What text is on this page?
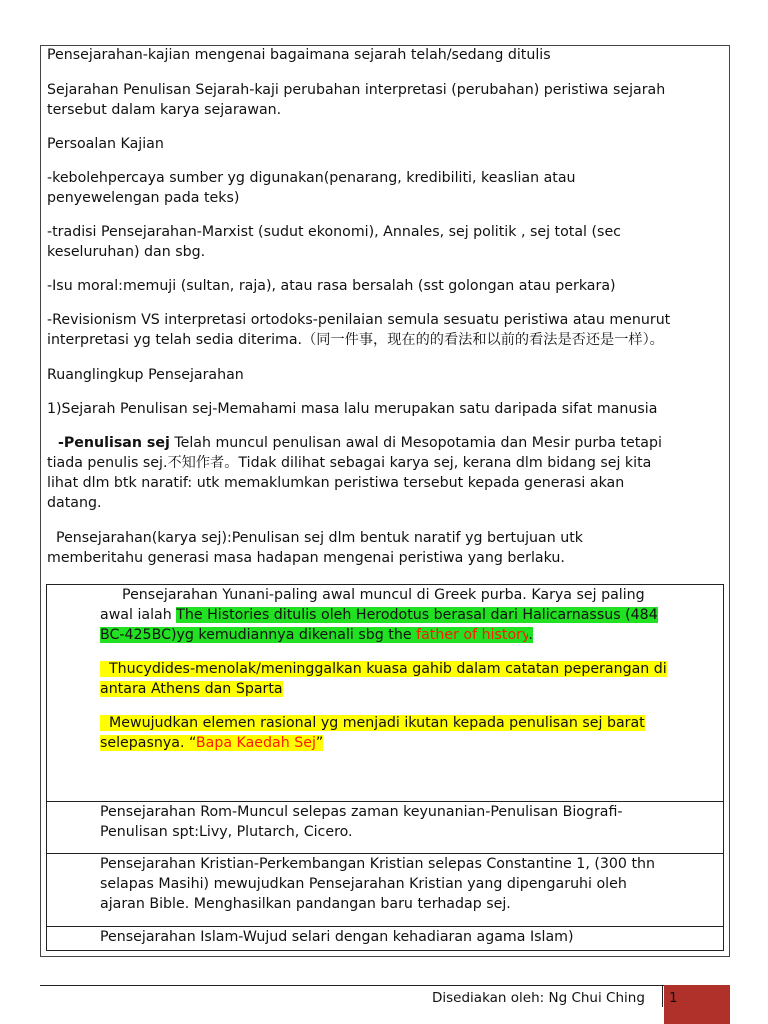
Pensejarahan-kajian mengenai bagaimana sejarah telah/sedang ditulis

Sejarahan Penulisan Sejarah-kaji perubahan interpretasi (perubahan) peristiwa sejarah

tersebut dalam karya sejarawan.

Persoalan Kajian

-kebolehpercaya sumber yg digunakan(penarang, kredibiliti, keaslian atau

penyewelengan pada teks)

-tradisi Pensejarahan-Marxist (sudut ekonomi), Annales, sej politik , sej total (sec

keseluruhan) dan sbg.

-Isu moral:memuji (sultan, raja), atau rasa bersalah (sst golongan atau perkara)

-Revisionism VS interpretasi ortodoks-penilaian semula sesuatu peristiwa atau menurut

interpretasi yg telah sedia diterima.（同一件事，现在的的看法和以前的看法是否还是一样）。

Ruanglingkup Pensejarahan

1)Sejarah Penulisan sej-Memahami masa lalu merupakan satu daripada sifat manusia

-Penulisan sej Telah muncul penulisan awal di Mesopotamia dan Mesir purba tetapi

tiada penulis sej.不知作者。Tidak dilihat sebagai karya sej, kerana dlm bidang sej kita

lihat dlm btk naratif: utk memaklumkan peristiwa tersebut kepada generasi akan

datang.

Pensejarahan(karya sej):Penulisan sej dlm bentuk naratif yg bertujuan utk

memberitahu generasi masa hadapan mengenai peristiwa yang berlaku.

Pensejarahan Yunani-paling awal muncul di Greek purba. Karya sej paling

awal ialah The Histories ditulis oleh Herodotus berasal dari Halicarnassus (484

BC-425BC)yg kemudiannya dikenali sbg the father of history.

Thucydides-menolak/meninggalkan kuasa gahib dalam catatan peperangan di

antara Athens dan Sparta

Mewujudkan elemen rasional yg menjadi ikutan kepada penulisan sej barat

selepasnya. “Bapa Kaedah Sej”

Pensejarahan Rom-Muncul selepas zaman keyunanian-Penulisan Biografi-

Penulisan spt:Livy, Plutarch, Cicero.

Pensejarahan Kristian-Perkembangan Kristian selepas Constantine 1, (300 thn

selapas Masihi) mewujudkan Pensejarahan Kristian yang dipengaruhi oleh

ajaran Bible. Menghasilkan pandangan baru terhadap sej.

Pensejarahan Islam-Wujud selari dengan kehadiaran agama Islam)

Disediakan oleh: Ng Chui Ching 1
